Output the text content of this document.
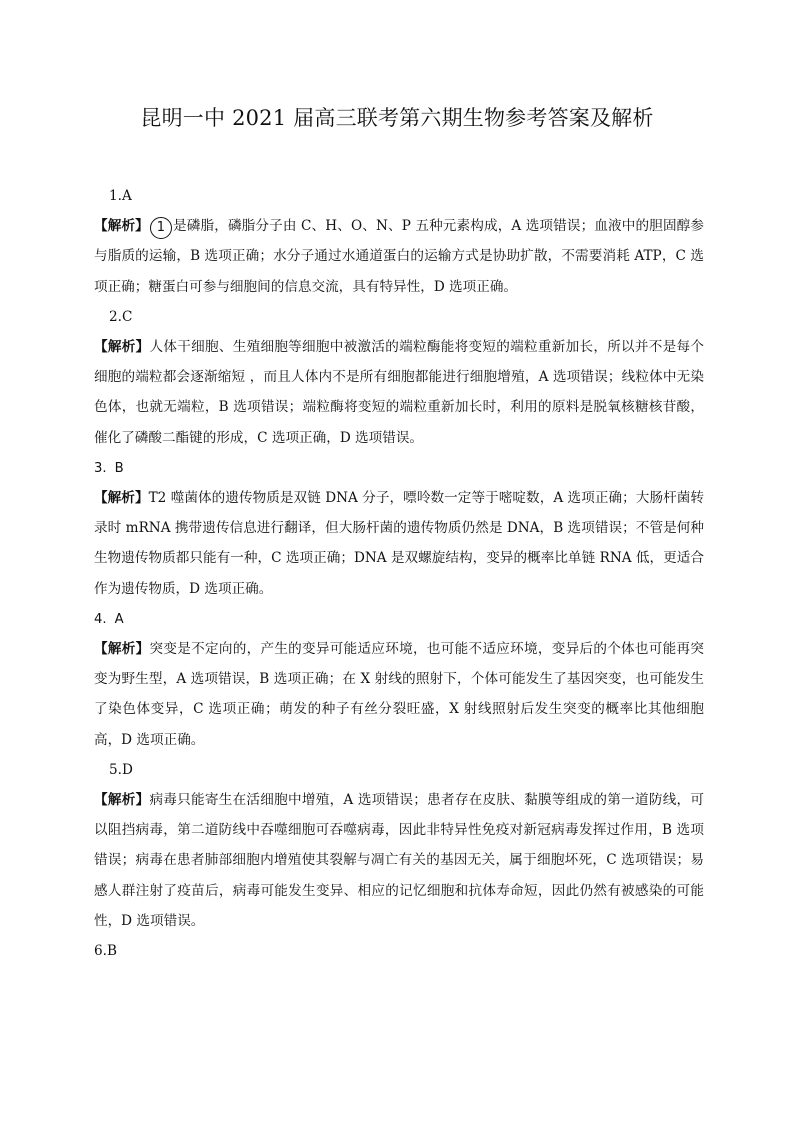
昆明一中 2021 届高三联考第六期生物参考答案及解析
1.A

【解析】 1 是磷脂，磷脂分子由 C、H、O、N、P 五种元素构成，A 选项错误；血液中的胆固醇参与脂质的运输，B 选项正确；水分子通过水通道蛋白的运输方式是协助扩散，不需要消耗 ATP，C 选项正确；糖蛋白可参与细胞间的信息交流，具有特异性，D 选项正确。

2.C

【解析】人体干细胞、生殖细胞等细胞中被激活的端粒酶能将变短的端粒重新加长，所以并不是每个细胞的端粒都会逐渐缩短 ，而且人体内不是所有细胞都能进行细胞增殖，A 选项错误；线粒体中无染色体，也就无端粒，B 选项错误；端粒酶将变短的端粒重新加长时，利用的原料是脱氧核糖核苷酸，催化了磷酸二酯键的形成，C 选项正确，D 选项错误。

3. B

【解析】T2 噬菌体的遗传物质是双链 DNA 分子，嘌呤数一定等于嘧啶数，A 选项正确；大肠杆菌转录时 mRNA 携带遗传信息进行翻译，但大肠杆菌的遗传物质仍然是 DNA，B 选项错误；不管是何种生物遗传物质都只能有一种，C 选项正确；DNA 是双螺旋结构，变异的概率比单链 RNA 低，更适合作为遗传物质，D 选项正确。

4. A

【解析】突变是不定向的，产生的变异可能适应环境，也可能不适应环境，变异后的个体也可能再突变为野生型，A 选项错误，B 选项正确；在 X 射线的照射下，个体可能发生了基因突变，也可能发生了染色体变异，C 选项正确；萌发的种子有丝分裂旺盛，X 射线照射后发生突变的概率比其他细胞高，D 选项正确。

5.D

【解析】病毒只能寄生在活细胞中增殖，A 选项错误；患者存在皮肤、黏膜等组成的第一道防线，可以阻挡病毒，第二道防线中吞噬细胞可吞噬病毒，因此非特异性免疫对新冠病毒发挥过作用，B 选项错误；病毒在患者肺部细胞内增殖使其裂解与凋亡有关的基因无关，属于细胞坏死，C 选项错误；易感人群注射了疫苗后，病毒可能发生变异、相应的记忆细胞和抗体寿命短，因此仍然有被感染的可能性，D 选项错误。

6.B
